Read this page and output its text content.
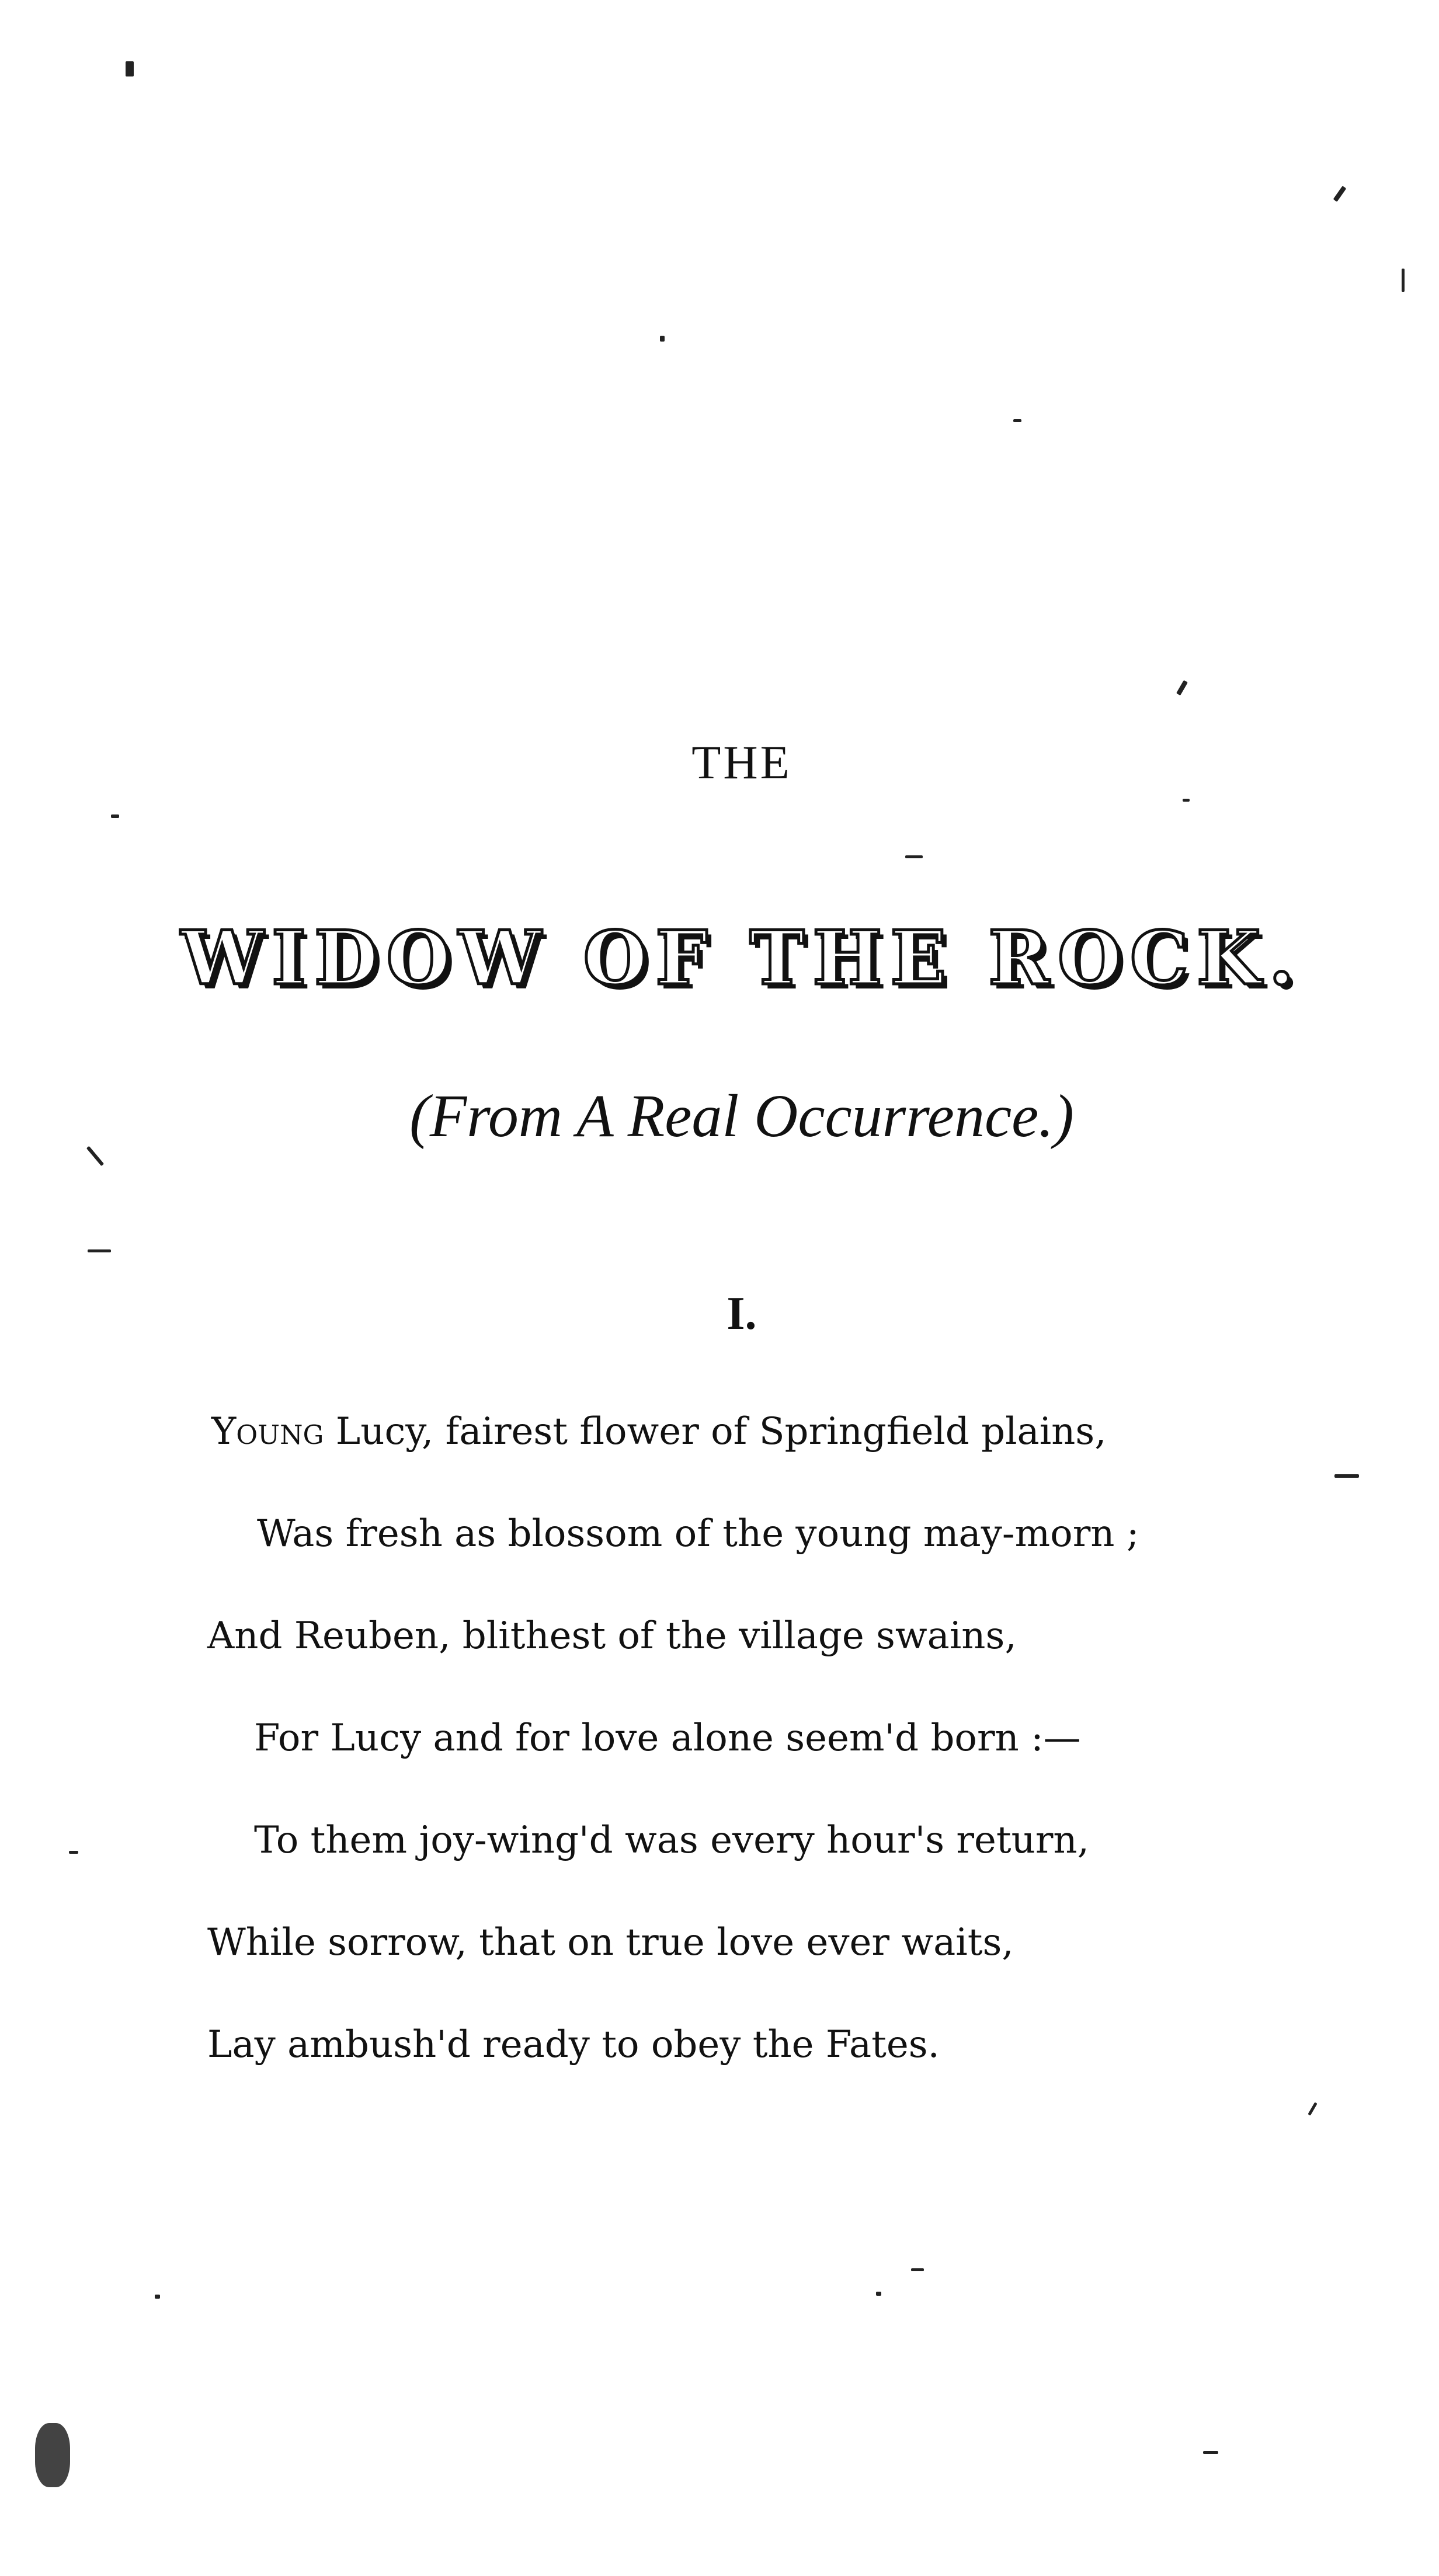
THE
WIDOW OF THE ROCK.
(From A Real Occurrence.)
I.
Young Lucy, fairest flower of Springfield plains,
Was fresh as blossom of the young may-morn ;
And Reuben, blithest of the village swains,
For Lucy and for love alone seem'd born :—
To them joy-wing'd was every hour's return,
While sorrow, that on true love ever waits,
Lay ambush'd ready to obey the Fates.
